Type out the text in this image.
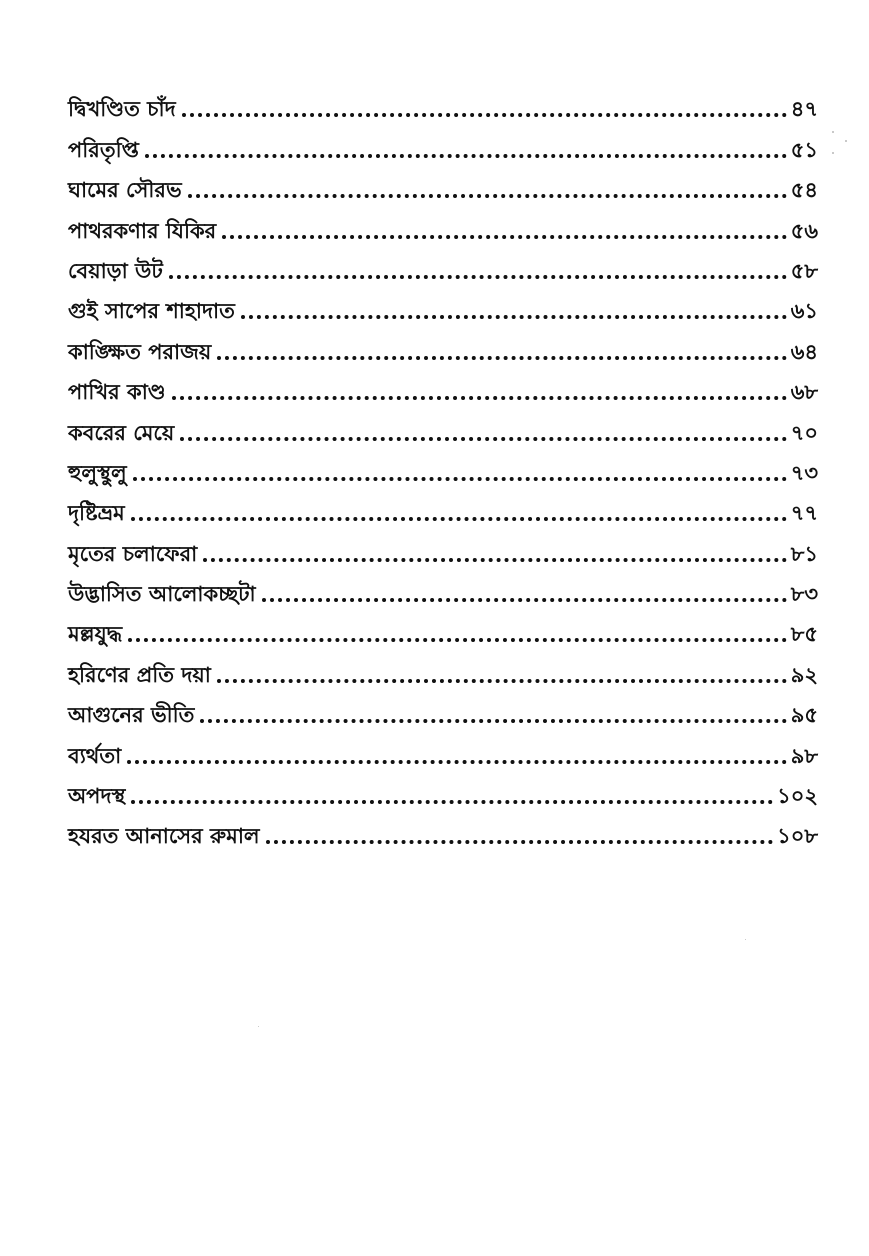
দ্বিখণ্ডিত চাঁদ	৪৭
পরিতৃপ্তি	৫১
ঘামের সৌরভ	৫৪
পাথরকণার যিকির	৫৬
বেয়াড়া উট	৫৮
গুই সাপের শাহাদাত	৬১
কাঙ্ক্ষিত পরাজয়	৬৪
পাখির কাণ্ড	৬৮
কবরের মেয়ে	৭০
হুলুস্থুলু	৭৩
দৃষ্টিভ্রম	৭৭
মৃতের চলাফেরা	৮১
উদ্ভাসিত আলোকচ্ছটা	৮৩
মল্লযুদ্ধ	৮৫
হরিণের প্রতি দয়া	৯২
আগুনের ভীতি	৯৫
ব্যর্থতা	৯৮
অপদস্থ	১০২
হযরত আনাসের রুমাল	১০৮
